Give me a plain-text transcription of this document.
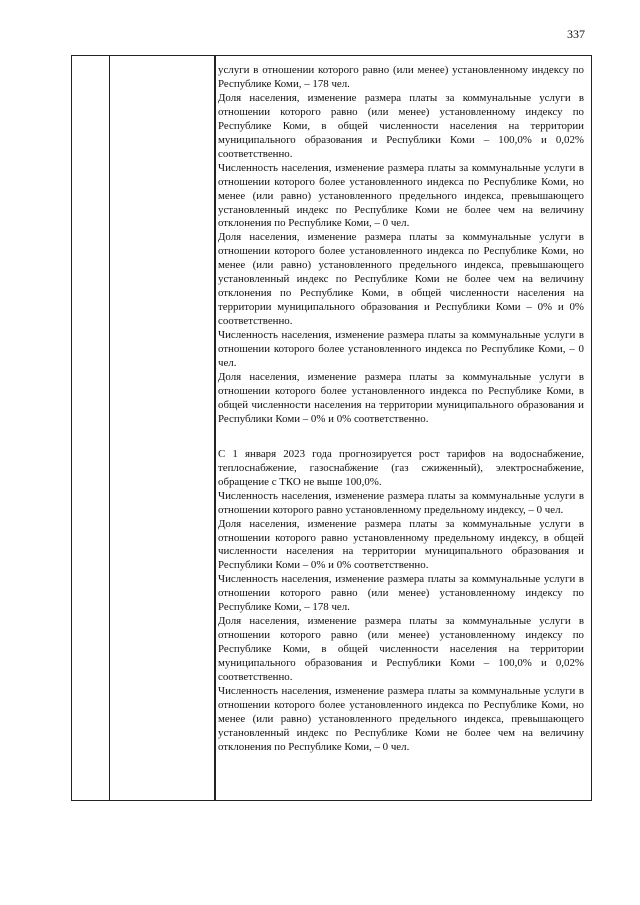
337

услуги в отношении которого равно (или менее) установленному индексу по Республике Коми, – 178 чел.

Доля населения, изменение размера платы за коммунальные услуги в отношении которого равно (или менее) установленному индексу по Республике Коми, в общей численности населения на территории муниципального образования и Республики Коми – 100,0% и 0,02% соответственно.

Численность населения, изменение размера платы за коммунальные услуги в отношении которого более установленного индекса по Республике Коми, но менее (или равно) установленного предельного индекса, превышающего установленный индекс по Республике Коми не более чем на величину отклонения по Республике Коми, – 0 чел.

Доля населения, изменение размера платы за коммунальные услуги в отношении которого более установленного индекса по Республике Коми, но менее (или равно) установленного предельного индекса, превышающего установленный индекс по Республике Коми не более чем на величину отклонения по Республике Коми, в общей численности населения на территории муниципального образования и Республики Коми – 0% и 0% соответственно.

Численность населения, изменение размера платы за коммунальные услуги в отношении которого более установленного индекса по Республике Коми, – 0 чел.

Доля населения, изменение размера платы за коммунальные услуги в отношении которого более установленного индекса по Республике Коми, в общей численности населения на территории муниципального образования и Республики Коми – 0% и 0% соответственно.

С 1 января 2023 года прогнозируется рост тарифов на водоснабжение, теплоснабжение, газоснабжение (газ сжиженный), электроснабжение, обращение с ТКО не выше 100,0%.

Численность населения, изменение размера платы за коммунальные услуги в отношении которого равно установленному предельному индексу, – 0 чел.

Доля населения, изменение размера платы за коммунальные услуги в отношении которого равно установленному предельному индексу, в общей численности населения на территории муниципального образования и Республики Коми – 0% и 0% соответственно.

Численность населения, изменение размера платы за коммунальные услуги в отношении которого равно (или менее) установленному индексу по Республике Коми, – 178 чел.

Доля населения, изменение размера платы за коммунальные услуги в отношении которого равно (или менее) установленному индексу по Республике Коми, в общей численности населения на территории муниципального образования и Республики Коми – 100,0% и 0,02% соответственно.

Численность населения, изменение размера платы за коммунальные услуги в отношении которого более установленного индекса по Республике Коми, но менее (или равно) установленного предельного индекса, превышающего установленный индекс по Республике Коми не более чем на величину отклонения по Республике Коми, – 0 чел.
